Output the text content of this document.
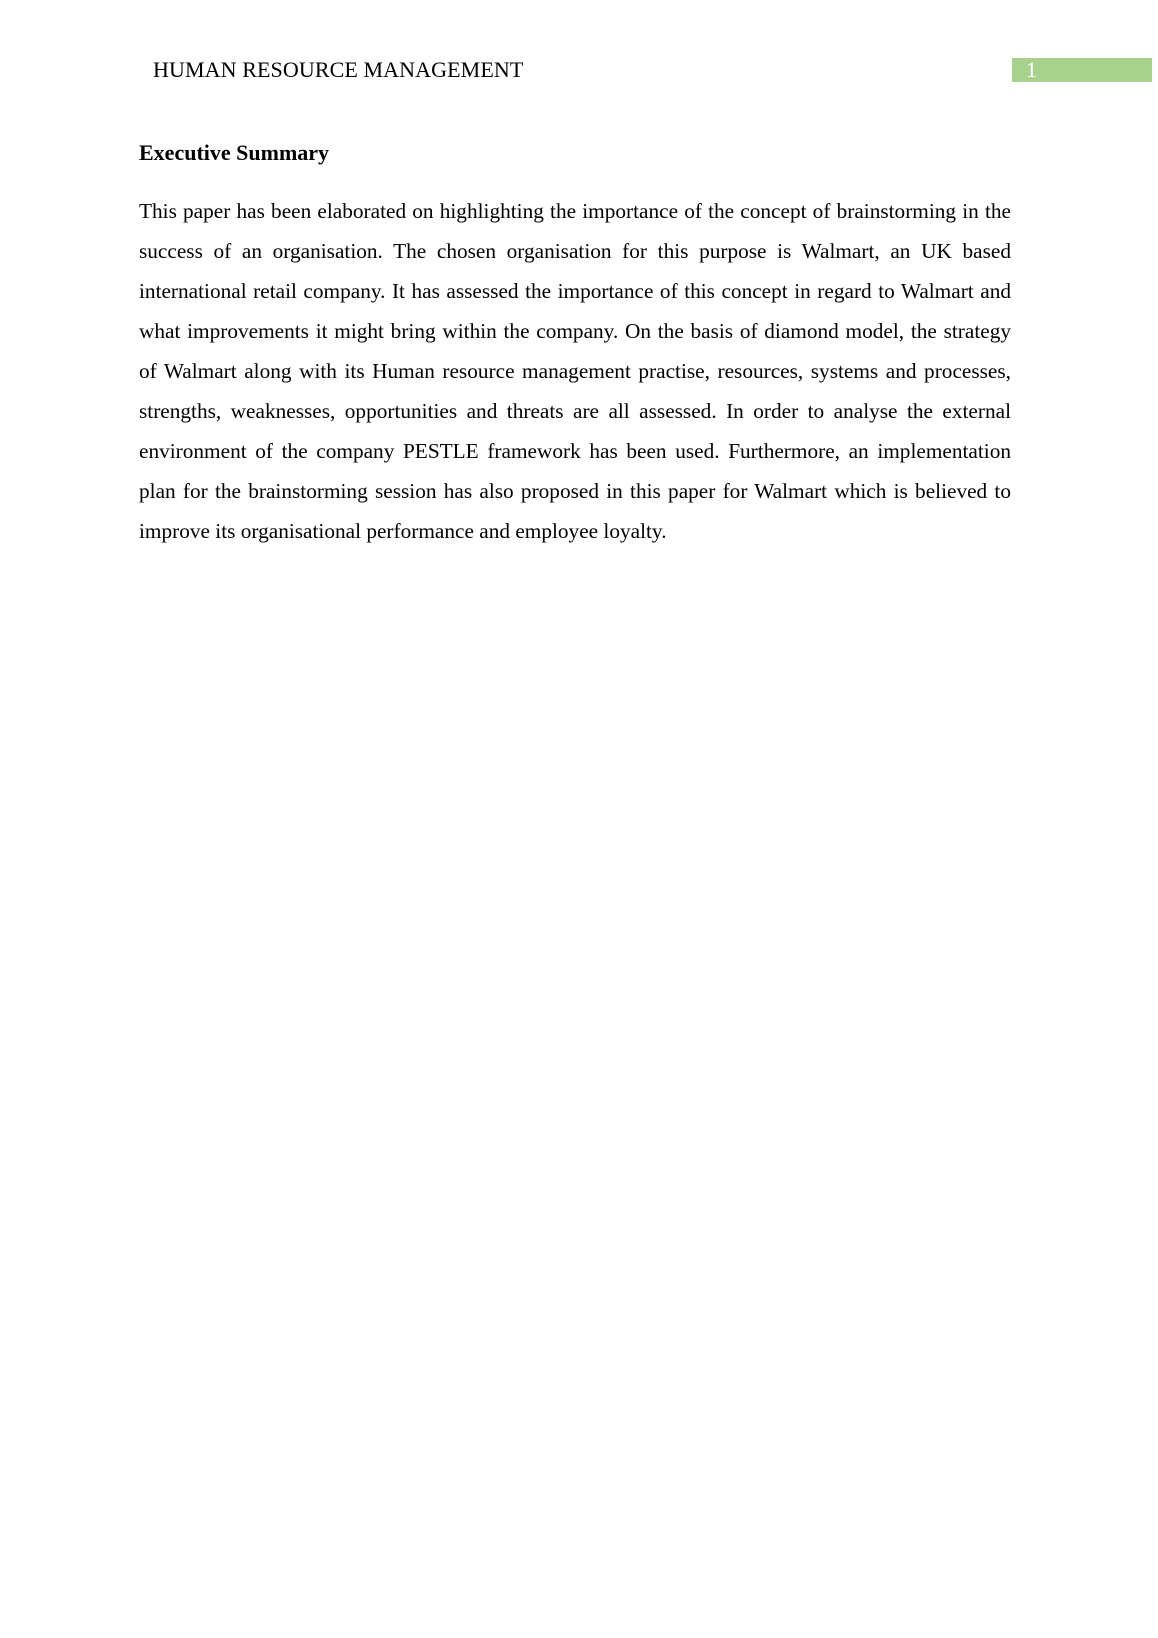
HUMAN RESOURCE MANAGEMENT	1
Executive Summary

This paper has been elaborated on highlighting the importance of the concept of brainstorming in the success of an organisation. The chosen organisation for this purpose is Walmart, an UK based international retail company. It has assessed the importance of this concept in regard to Walmart and what improvements it might bring within the company. On the basis of diamond model, the strategy of Walmart along with its Human resource management practise, resources, systems and processes, strengths, weaknesses, opportunities and threats are all assessed. In order to analyse the external environment of the company PESTLE framework has been used. Furthermore, an implementation plan for the brainstorming session has also proposed in this paper for Walmart which is believed to improve its organisational performance and employee loyalty.
